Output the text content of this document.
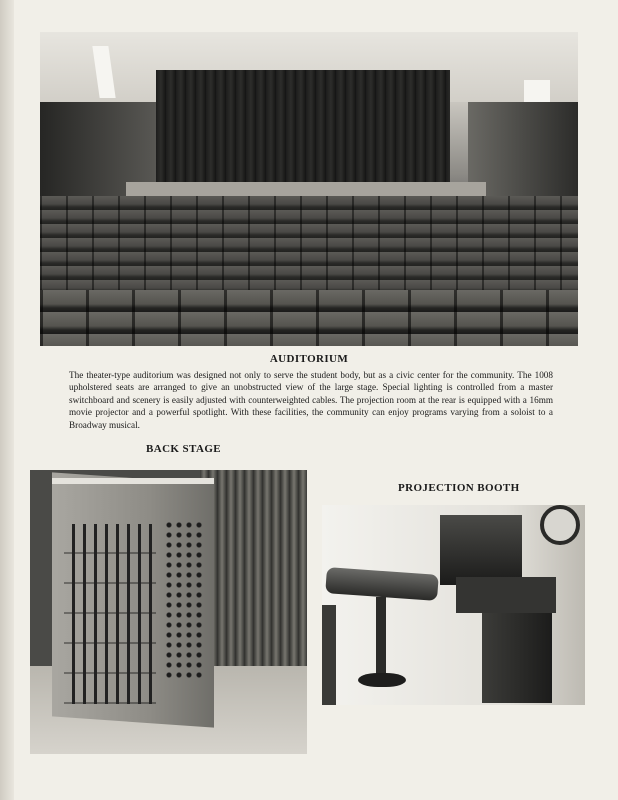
AUDITORIUM

The theater-type auditorium was designed not only to serve the student body, but as a civic center for the community. The 1008 upholstered seats are arranged to give an unobstructed view of the large stage. Special lighting is controlled from a master switchboard and scenery is easily adjusted with counterweighted cables. The projection room at the rear is equipped with a 16mm movie projector and a powerful spotlight. With these facilities, the community can enjoy programs varying from a soloist to a Broadway musical.

BACK STAGE
PROJECTION BOOTH
